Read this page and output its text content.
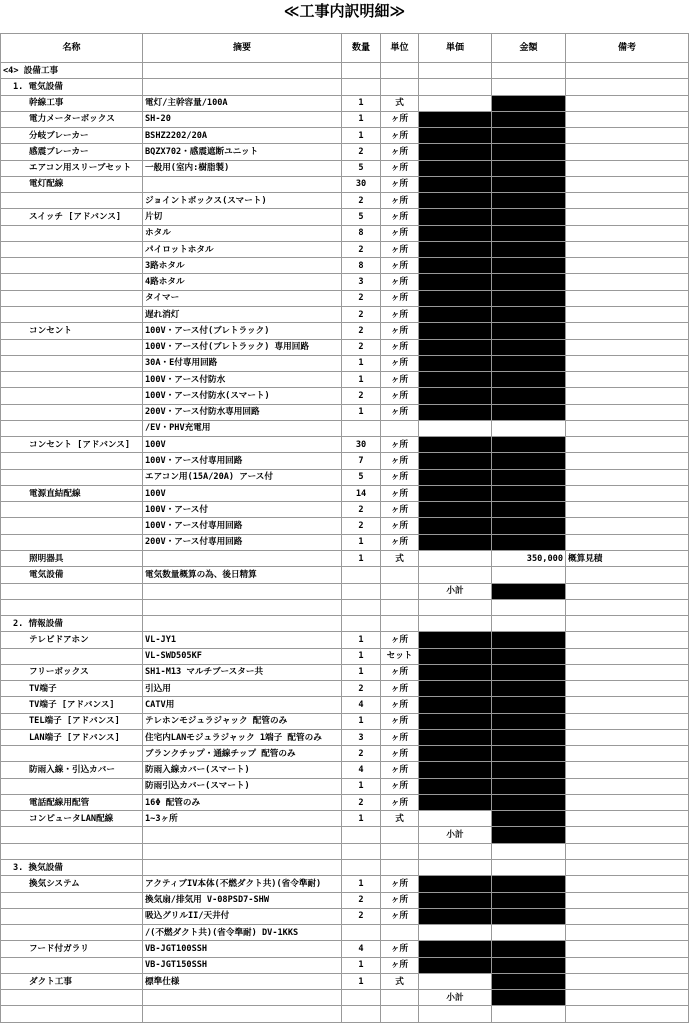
≪工事内訳明細≫
名称	摘要	数量	単位	単価	金額	備考
<4> 設備工事						
1. 電気設備						
幹線工事	電灯/主幹容量/100A	1	式			
電力メーターボックス	SH-20	1	ヶ所			
分岐ブレーカー	BSHZ2202/20A	1	ヶ所			
感震ブレーカー	BQZX702・感震遮断ユニット	2	ヶ所			
エアコン用スリーブセット	一般用(室内:樹脂製)	5	ヶ所			
電灯配線		30	ヶ所			
	ジョイントボックス(スマート)	2	ヶ所			
スイッチ [アドバンス]	片切	5	ヶ所			
	ホタル	8	ヶ所			
	パイロットホタル	2	ヶ所			
	3路ホタル	8	ヶ所			
	4路ホタル	3	ヶ所			
	タイマー	2	ヶ所			
	遅れ消灯	2	ヶ所			
コンセント	100V・アース付(ブレトラック)	2	ヶ所			
	100V・アース付(ブレトラック) 専用回路	2	ヶ所			
	30A・E付専用回路	1	ヶ所			
	100V・アース付防水	1	ヶ所			
	100V・アース付防水(スマート)	2	ヶ所			
	200V・アース付防水専用回路	1	ヶ所			
	/EV・PHV充電用					
コンセント [アドバンス]	100V	30	ヶ所			
	100V・アース付専用回路	7	ヶ所			
	エアコン用(15A/20A) アース付	5	ヶ所			
電源直結配線	100V	14	ヶ所			
	100V・アース付	2	ヶ所			
	100V・アース付専用回路	2	ヶ所			
	200V・アース付専用回路	1	ヶ所			
照明器具		1	式		350,000	概算見積
電気設備	電気数量概算の為、後日精算					
				小計		

2. 情報設備						
テレビドアホン	VL-JY1	1	ヶ所			
	VL-SWD505KF	1	セット			
フリーボックス	SH1-M13 マルチブースター共	1	ヶ所			
TV端子	引込用	2	ヶ所			
TV端子 [アドバンス]	CATV用	4	ヶ所			
TEL端子 [アドバンス]	テレホンモジュラジャック 配管のみ	1	ヶ所			
LAN端子 [アドバンス]	住宅内LANモジュラジャック 1端子 配管のみ	3	ヶ所			
	ブランクチップ・通線チップ 配管のみ	2	ヶ所			
防雨入線・引込カバー	防雨入線カバー(スマート)	4	ヶ所			
	防雨引込カバー(スマート)	1	ヶ所			
電話配線用配管	16Φ 配管のみ	2	ヶ所			
コンピュータLAN配線	1~3ヶ所	1	式			
				小計		

3. 換気設備						
換気システム	アクティブIV本体(不燃ダクト共)(省令準耐)	1	ヶ所			
	換気扇/排気用 V-08PSD7-SHW	2	ヶ所			
	吸込グリルII/天井付	2	ヶ所			
	/(不燃ダクト共)(省令準耐) DV-1KKS					
フード付ガラリ	VB-JGT100SSH	4	ヶ所			
	VB-JGT150SSH	1	ヶ所			
ダクト工事	標準仕様	1	式			
				小計		
